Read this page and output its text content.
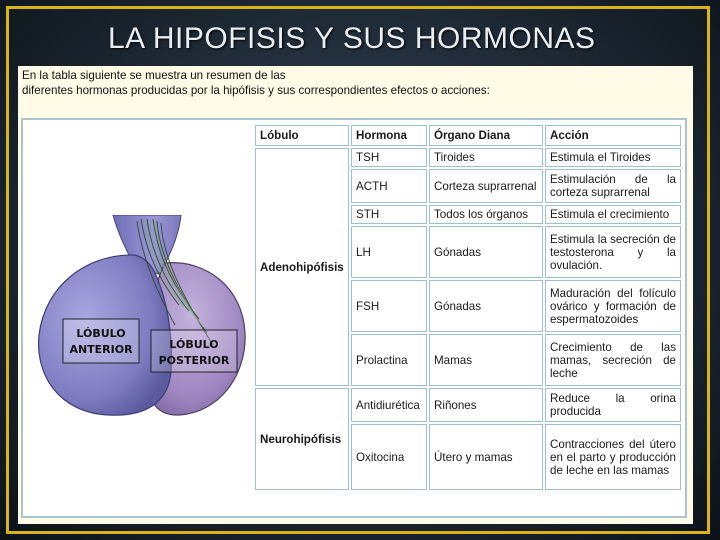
LA HIPOFISIS Y SUS HORMONAS
En la tabla siguiente se muestra un resumen de las
diferentes hormonas producidas por la hipófisis y sus correspondientes efectos o acciones:
LÓBULO
ANTERIOR	LÓBULO
POSTERIOR
Lóbulo	Hormona	Órgano Diana	Acción
Adenohipófisis	TSH	Tiroides	Estimula el Tiroides
	ACTH	Corteza suprarrenal	Estimulación de la corteza suprarrenal
	STH	Todos los órganos	Estimula el crecimiento
	LH	Gónadas	Estimula la secreción de testosterona y la ovulación.
	FSH	Gónadas	Maduración del folículo ovárico y formación de espermatozoides
	Prolactina	Mamas	Crecimiento de las mamas, secreción de leche
Neurohipófisis	Antidiurética	Riñones	Reduce la orina producida
	Oxitocina	Útero y mamas	Contracciones del útero en el parto y producción de leche en las mamas
